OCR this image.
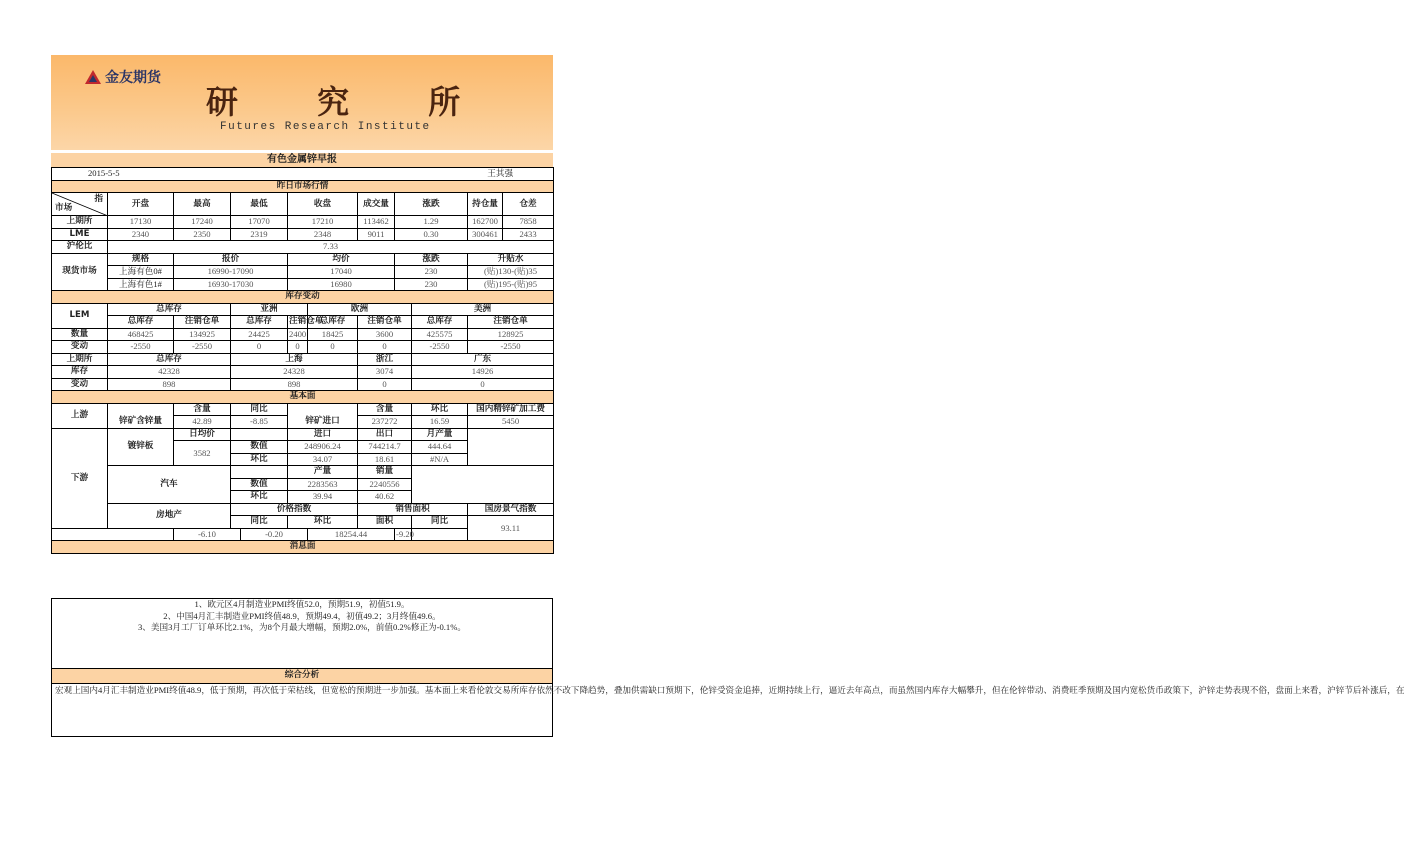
金友期货
研 究 所
Futures Research Institute
有色金属锌早报
2015-5-5				王其强							
昨日市场行情											

指
市场	开盘	最高	最低		收盘		成交量	涨跌		持仓量	仓差
上期所	17130	17240	17070		17210		113462	1.29		162700	7858
LME	2340	2350	2319		2348		9011	0.30		300461	2433
沪伦比	7.33										
现货市场	规格	报价			均价			涨跌		升贴水	
	上海有色0#	16990-17090			17040			230		(贴)130-(贴)35	
	上海有色1#	16930-17030			16980			230		(贴)195-(贴)95	
库存变动											
LEM	总库存		亚洲			欧洲			美洲		
	总库存	注销仓单	总库存		注销仓单	总库存	注销仓单		总库存	注销仓单	
数量	468425	134925	24425		2400	18425	3600		425575	128925	
变动	-2550	-2550	0		0	0	0		-2550	-2550	
上期所	总库存		上海				浙江		广东		
库存	42328		24328				3074		14926		
变动	898		898				0		0		
基本面											
上游		含量	同比				含量		环比	国内精锌矿加工费	
	锌矿含锌量	42.89	-8.85		锌矿进口		237272		16.59	5450	
下游	镀锌板	日均价			进口		出口		月产量		
		3582	数值		248906.24		744214.7		444.64		
			环比		34.07		18.61		#N/A		
	汽车				产量		销量				
			数值		2283563		2240556				
			环比		39.94		40.62				
	房地产		价格指数				销售面积			国房景气指数	
			同比		环比		面积		同比	93.11	
		-6.10		-0.20		18254.44		-9.20			
消息面											
1、欧元区4月制造业PMI终值52.0，预期51.9，初值51.9。
2、中国4月汇丰制造业PMI终值48.9，预期49.4，初值49.2；3月终值49.6。
3、美国3月工厂订单环比2.1%，为8个月最大增幅，预期2.0%，前值0.2%修正为-0.1%。

综合分析
宏观上国内4月汇丰制造业PMI终值48.9，低于预期，再次低于荣枯线，但宽松的预期进一步加强。基本面上来看伦敦交易所库存依然不改下降趋势，叠加供需缺口预期下，伦锌受资金追捧，近期持续上行，逼近去年高点，而虽然国内库存大幅攀升，但在伦锌带动、消费旺季预期及国内宽松货币政策下，沪锌走势表现不俗，盘面上来看，沪锌节后补涨后，在
